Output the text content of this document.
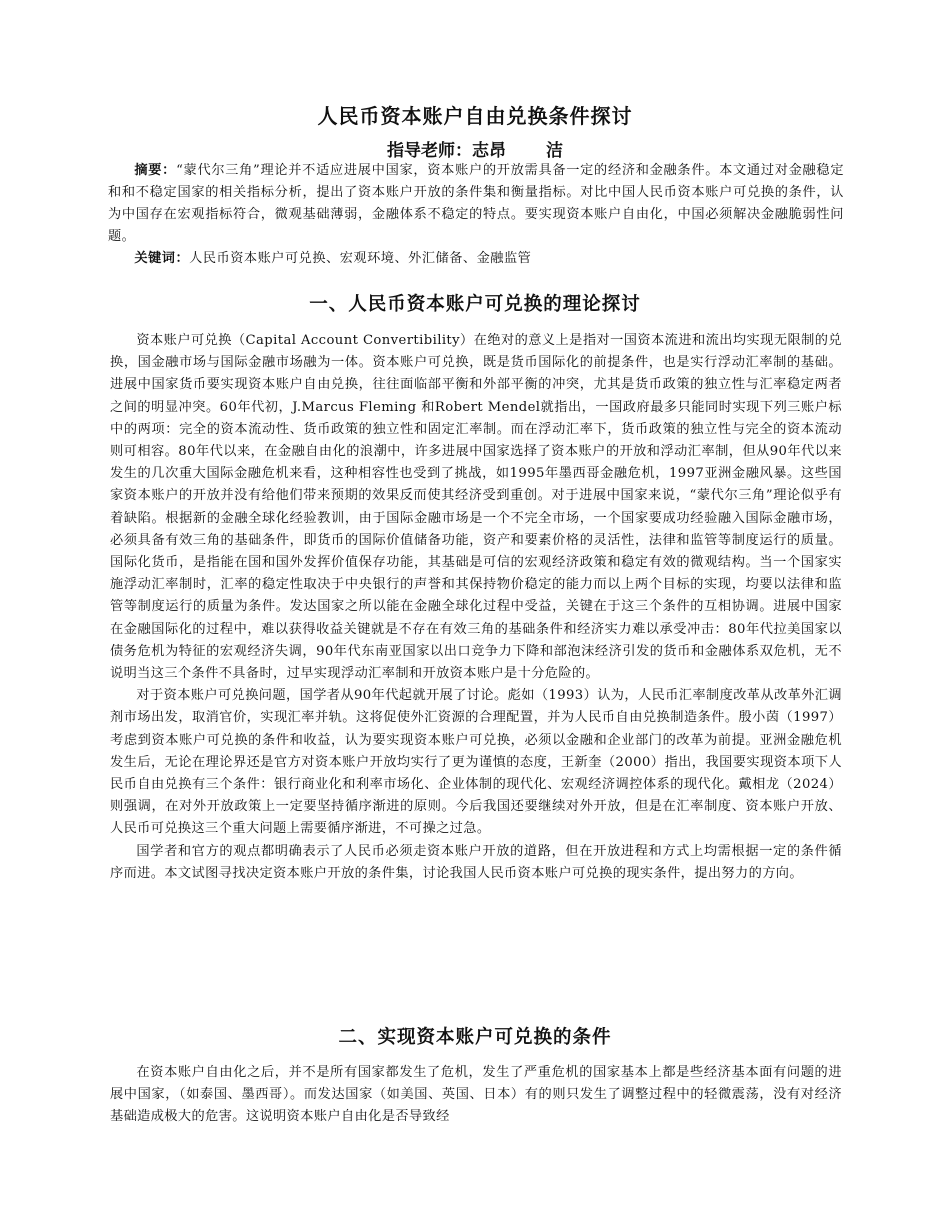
人民币资本账户自由兑换条件探讨
指导老师：志昂 洁

摘要：“蒙代尔三角”理论并不适应进展中国家，资本账户的开放需具备一定的经济和金融条件。本文通过对金融稳定和和不稳定国家的相关指标分析，提出了资本账户开放的条件集和衡量指标。对比中国人民币资本账户可兑换的条件，认为中国存在宏观指标符合，微观基础薄弱，金融体系不稳定的特点。要实现资本账户自由化，中国必须解决金融脆弱性问题。

关键词：人民币资本账户可兑换、宏观环境、外汇储备、金融监管

一、人民币资本账户可兑换的理论探讨

资本账户可兑换（Capital Account Convertibility）在绝对的意义上是指对一国资本流进和流出均实现无限制的兑换，国金融市场与国际金融市场融为一体。资本账户可兑换，既是货币国际化的前提条件，也是实行浮动汇率制的基础。进展中国家货币要实现资本账户自由兑换，往往面临部平衡和外部平衡的冲突，尤其是货币政策的独立性与汇率稳定两者之间的明显冲突。60年代初，J.Marcus Fleming 和Robert Mendel就指出，一国政府最多只能同时实现下列三账户标中的两项：完全的资本流动性、货币政策的独立性和固定汇率制。而在浮动汇率下，货币政策的独立性与完全的资本流动则可相容。80年代以来，在金融自由化的浪潮中，许多进展中国家选择了资本账户的开放和浮动汇率制，但从90年代以来发生的几次重大国际金融危机来看，这种相容性也受到了挑战，如1995年墨西哥金融危机，1997亚洲金融风暴。这些国家资本账户的开放并没有给他们带来预期的效果反而使其经济受到重创。对于进展中国家来说，“蒙代尔三角”理论似乎有着缺陷。根据新的金融全球化经验教训，由于国际金融市场是一个不完全市场，一个国家要成功经验融入国际金融市场，必须具备有效三角的基础条件，即货币的国际价值储备功能，资产和要素价格的灵活性，法律和监管等制度运行的质量。国际化货币，是指能在国和国外发挥价值保存功能，其基础是可信的宏观经济政策和稳定有效的微观结构。当一个国家实施浮动汇率制时，汇率的稳定性取决于中央银行的声誉和其保持物价稳定的能力而以上两个目标的实现，均要以法律和监管等制度运行的质量为条件。发达国家之所以能在金融全球化过程中受益，关键在于这三个条件的互相协调。进展中国家在金融国际化的过程中，难以获得收益关键就是不存在有效三角的基础条件和经济实力难以承受冲击：80年代拉美国家以债务危机为特征的宏观经济失调，90年代东南亚国家以出口竞争力下降和部泡沫经济引发的货币和金融体系双危机，无不说明当这三个条件不具备时，过早实现浮动汇率制和开放资本账户是十分危险的。

对于资本账户可兑换问题，国学者从90年代起就开展了讨论。彪如（1993）认为，人民币汇率制度改革从改革外汇调剂市场出发，取消官价，实现汇率并轨。这将促使外汇资源的合理配置，并为人民币自由兑换制造条件。殷小茵（1997）考虑到资本账户可兑换的条件和收益，认为要实现资本账户可兑换，必须以金融和企业部门的改革为前提。亚洲金融危机发生后，无论在理论界还是官方对资本账户开放均实行了更为谨慎的态度，王新奎（2000）指出，我国要实现资本项下人民币自由兑换有三个条件：银行商业化和利率市场化、企业体制的现代化、宏观经济调控体系的现代化。戴相龙（2024）则强调，在对外开放政策上一定要坚持循序渐进的原则。今后我国还要继续对外开放，但是在汇率制度、资本账户开放、人民币可兑换这三个重大问题上需要循序渐进，不可操之过急。

国学者和官方的观点都明确表示了人民币必须走资本账户开放的道路，但在开放进程和方式上均需根据一定的条件循序而进。本文试图寻找决定资本账户开放的条件集，讨论我国人民币资本账户可兑换的现实条件，提出努力的方向。

二、实现资本账户可兑换的条件

在资本账户自由化之后，并不是所有国家都发生了危机，发生了严重危机的国家基本上都是些经济基本面有问题的进展中国家，（如泰国、墨西哥）。而发达国家（如美国、英国、日本）有的则只发生了调整过程中的轻微震荡，没有对经济基础造成极大的危害。这说明资本账户自由化是否导致经
